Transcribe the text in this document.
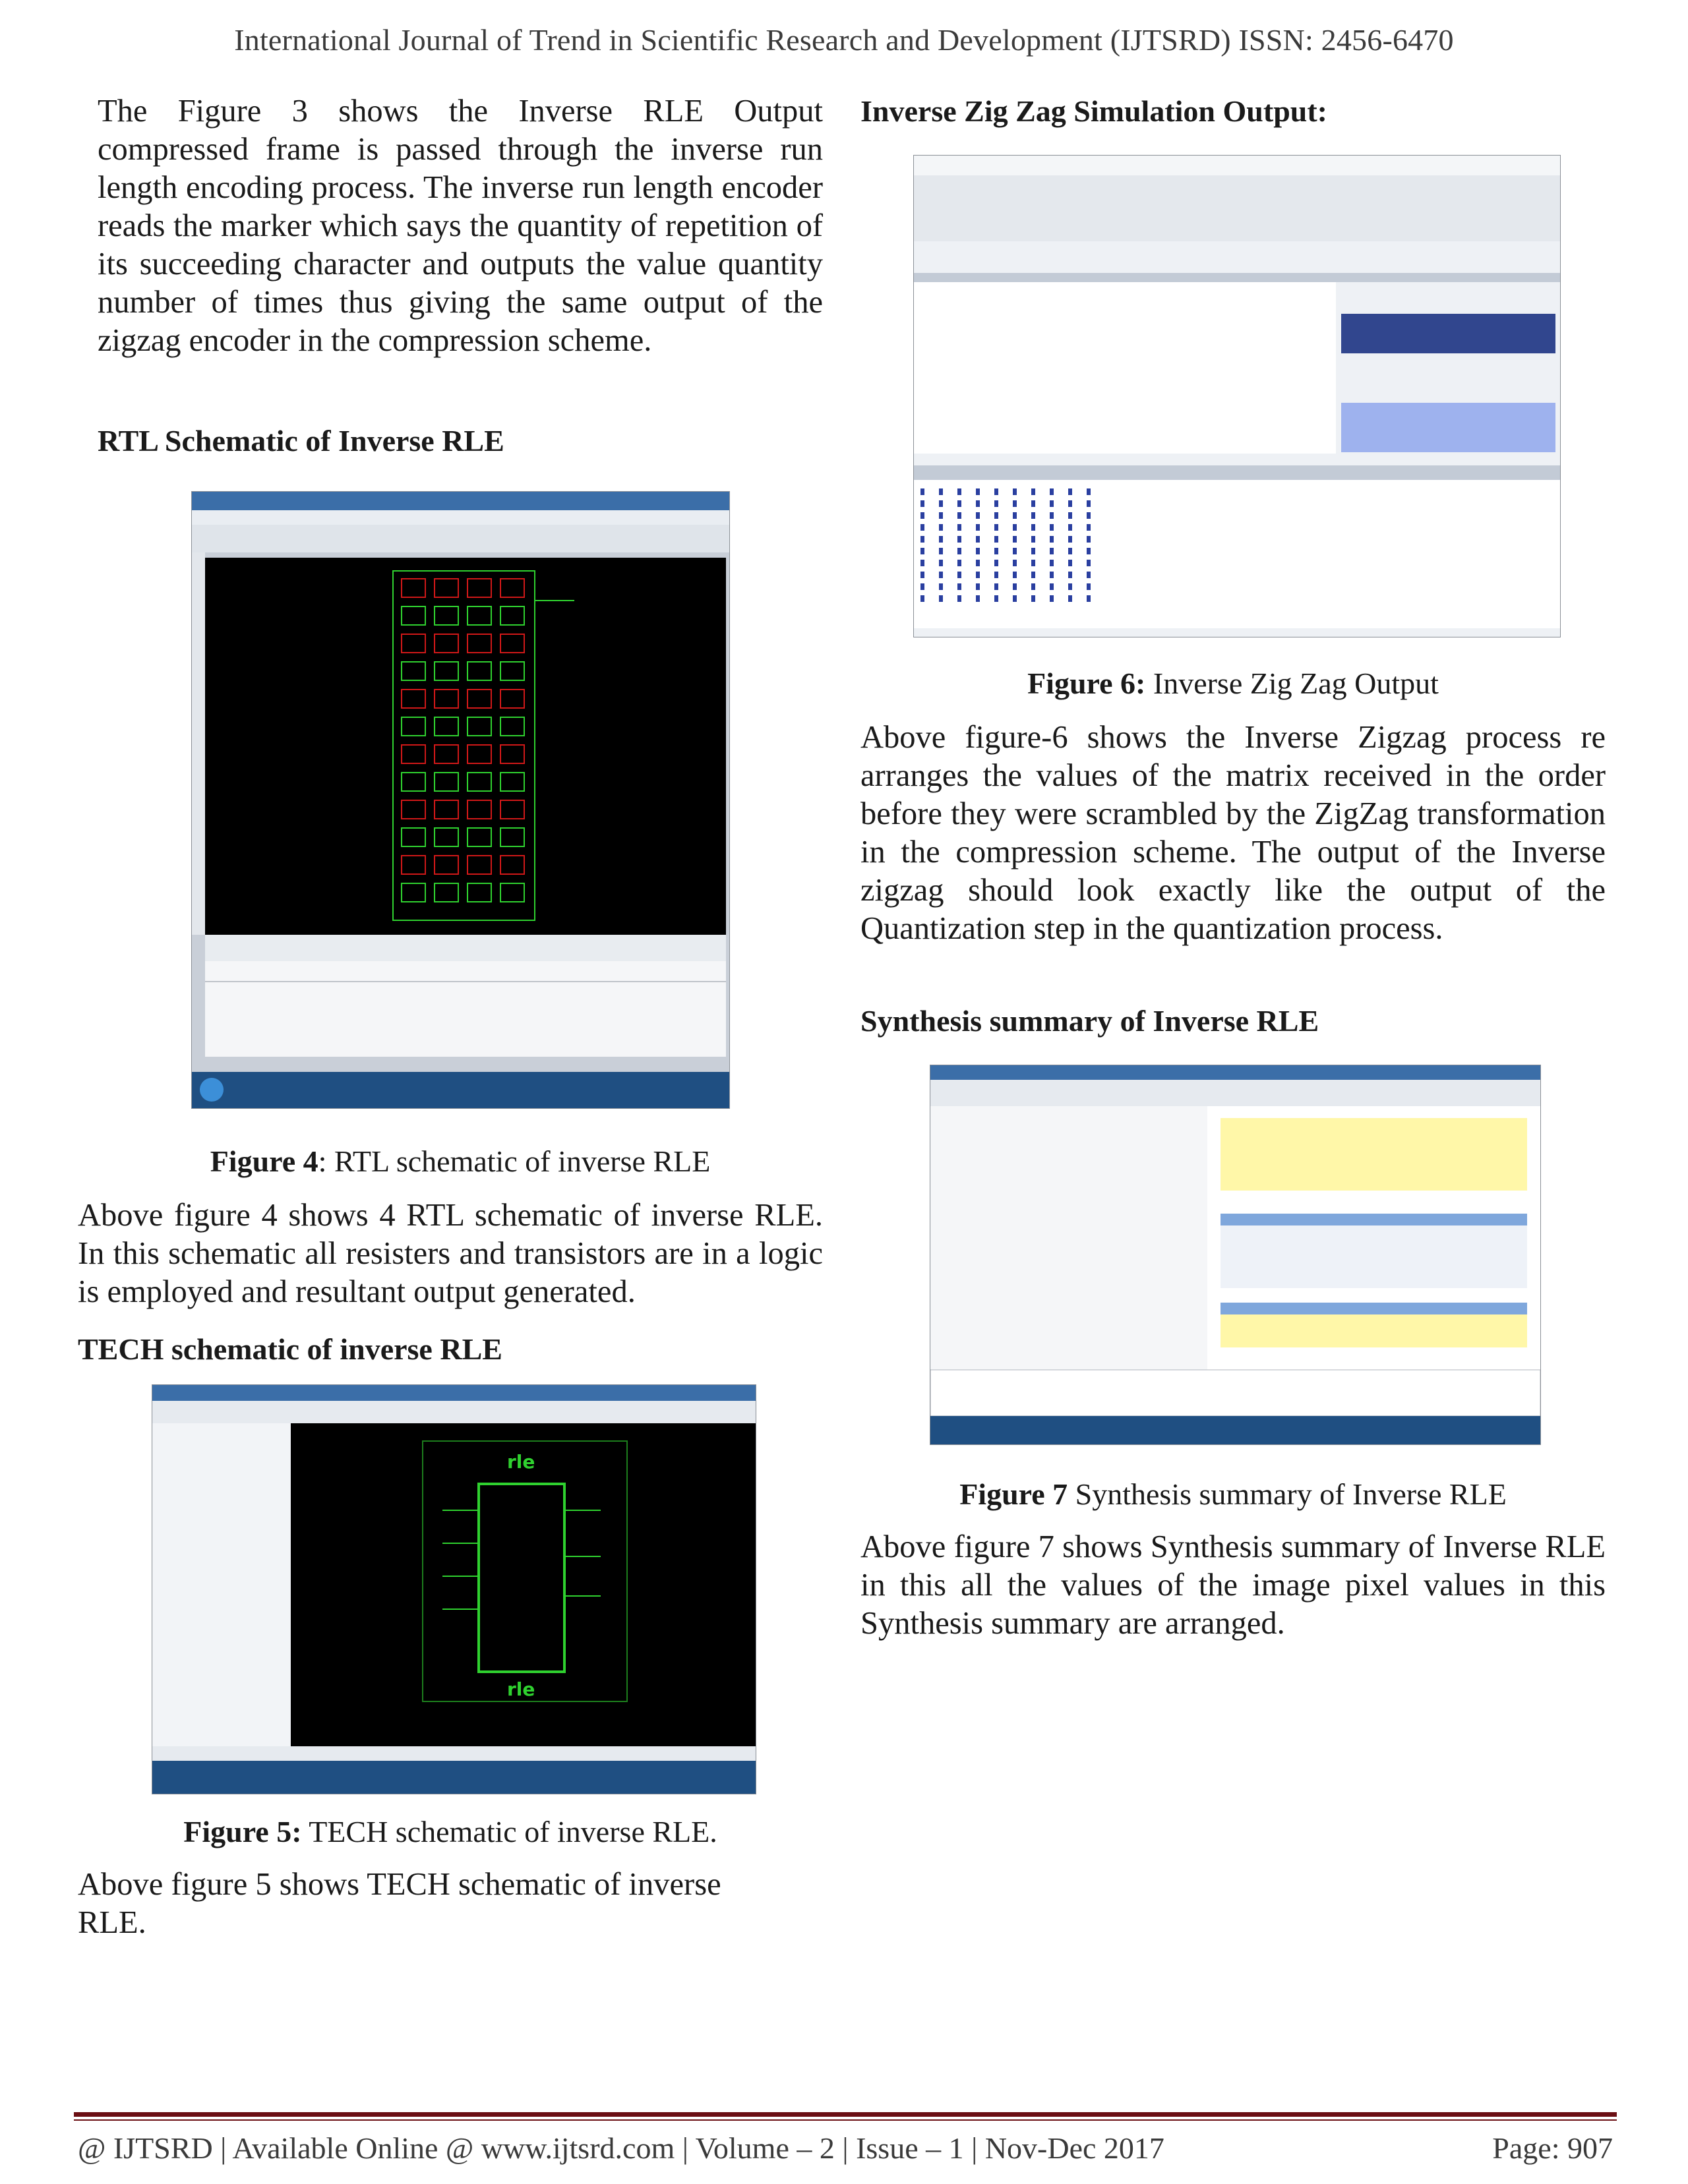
International Journal of Trend in Scientific Research and Development (IJTSRD) ISSN: 2456-6470

The Figure 3 shows the Inverse RLE Output compressed frame is passed through the inverse run length encoding process. The inverse run length encoder reads the marker which says the quantity of repetition of its succeeding character and outputs the value quantity number of times thus giving the same output of the zigzag encoder in the compression scheme.

RTL Schematic of Inverse RLE

Figure 4: RTL schematic of inverse RLE

Above figure 4 shows 4 RTL schematic of inverse RLE. In this schematic all resisters and transistors are in a logic is employed and resultant output generated.

TECH schematic of inverse RLE

rle
rle

Figure 5: TECH schematic of inverse RLE.

Above figure 5 shows TECH schematic of inverse RLE.

Inverse Zig Zag Simulation Output:

Figure 6: Inverse Zig Zag Output

Above figure-6 shows the Inverse Zigzag process re arranges the values of the matrix received in the order before they were scrambled by the ZigZag transformation in the compression scheme. The output of the Inverse zigzag should look exactly like the output of the Quantization step in the quantization process.

Synthesis summary of Inverse RLE

Figure 7 Synthesis summary of Inverse RLE

Above figure 7 shows Synthesis summary of Inverse RLE in this all the values of the image pixel values in this Synthesis summary are arranged.

@ IJTSRD | Available Online @ www.ijtsrd.com | Volume – 2 | Issue – 1 | Nov-Dec 2017	Page: 907
